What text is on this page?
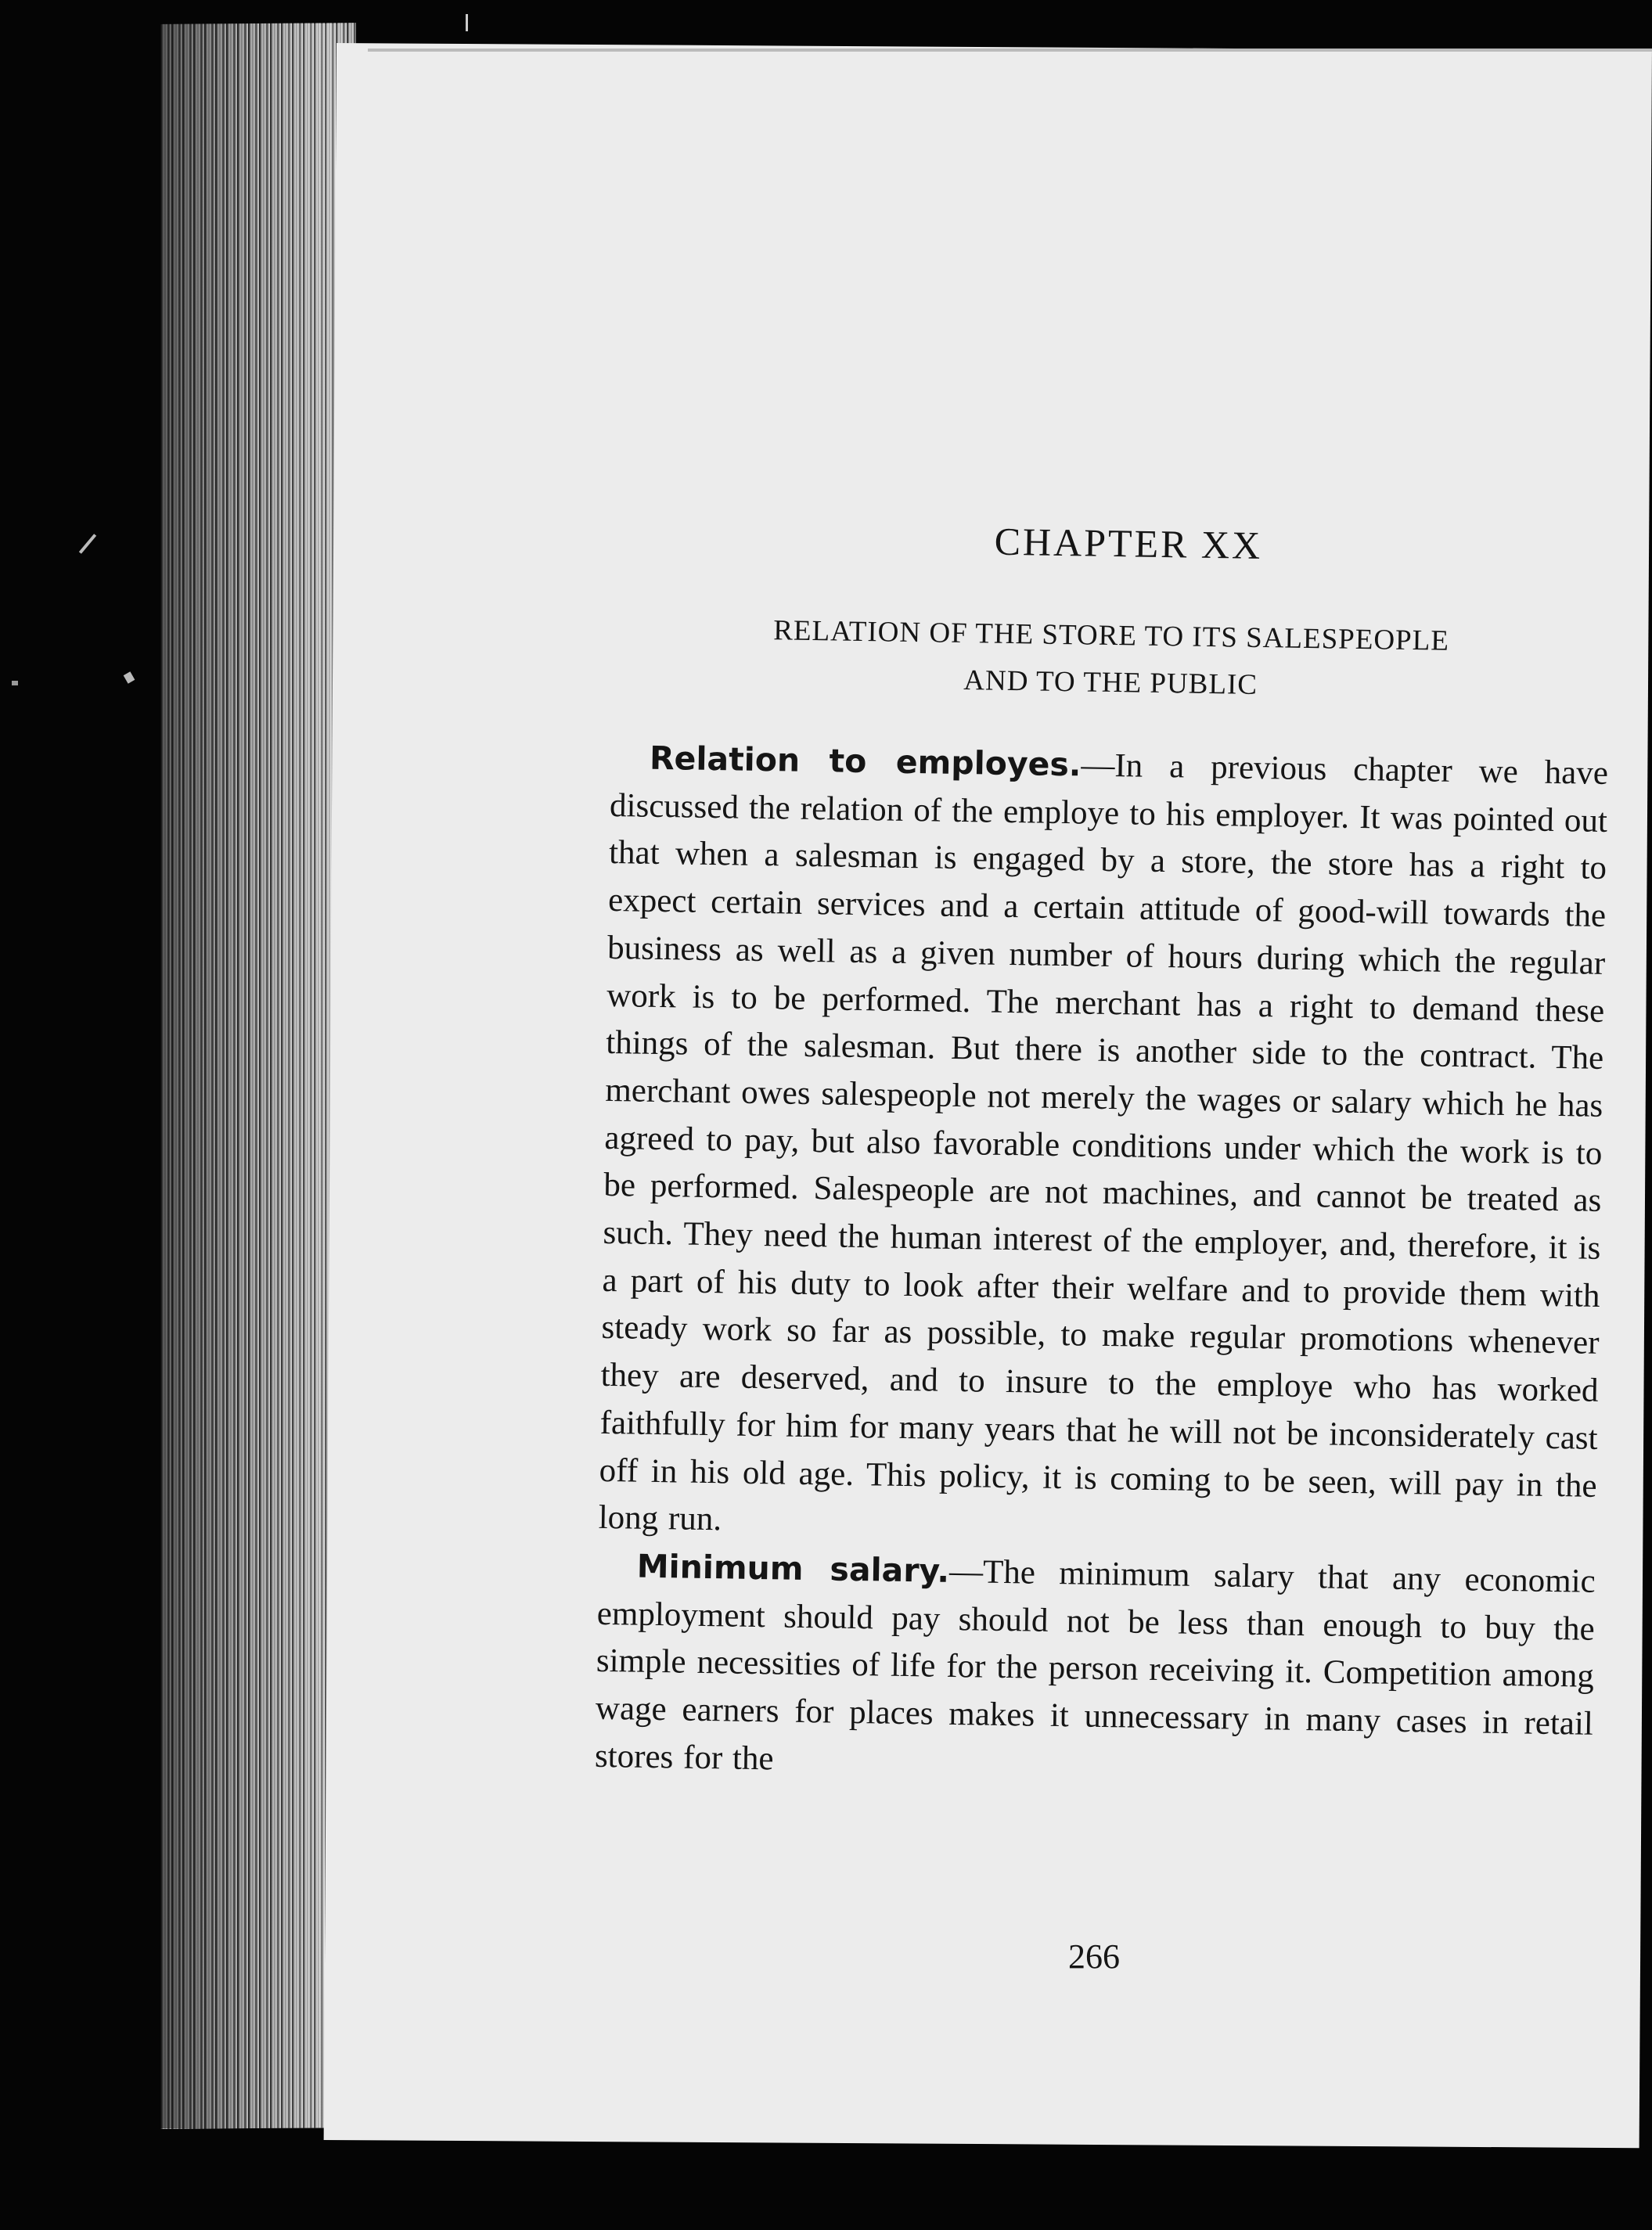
CHAPTER XX

RELATION OF THE STORE TO ITS SALESPEOPLE

AND TO THE PUBLIC

Relation to employes.—In a previous chapter we have discussed the relation of the employe to his employer. It was pointed out that when a salesman is engaged by a store, the store has a right to expect certain services and a certain attitude of good-will towards the business as well as a given number of hours during which the regular work is to be performed. The merchant has a right to demand these things of the salesman. But there is another side to the contract. The merchant owes salespeople not merely the wages or salary which he has agreed to pay, but also favorable conditions under which the work is to be performed. Salespeople are not machines, and cannot be treated as such. They need the human interest of the employer, and, therefore, it is a part of his duty to look after their welfare and to provide them with steady work so far as possible, to make regular promotions whenever they are deserved, and to insure to the employe who has worked faithfully for him for many years that he will not be inconsiderately cast off in his old age. This policy, it is coming to be seen, will pay in the long run.

Minimum salary.—The minimum salary that any economic employment should pay should not be less than enough to buy the simple necessities of life for the person receiving it. Competition among wage earners for places makes it unnecessary in many cases in retail stores for the

266
